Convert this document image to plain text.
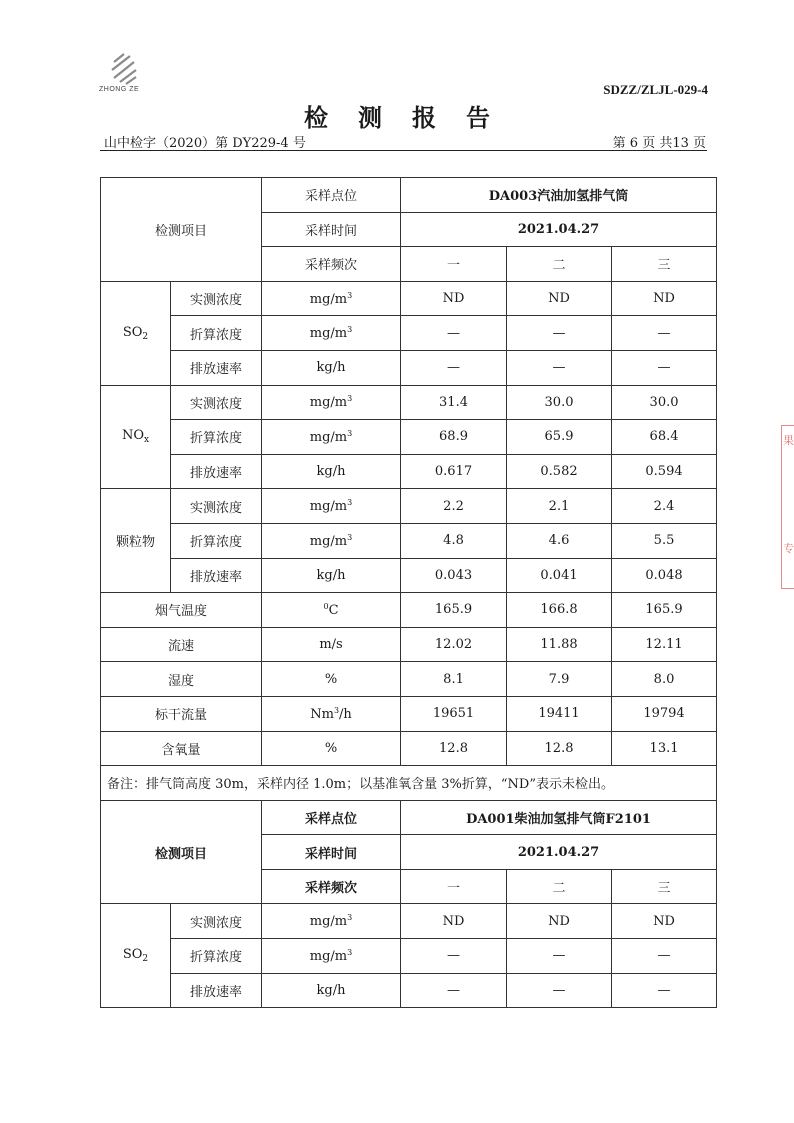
ZHONG ZE	SDZZ/ZLJL-029-4
检测报告
山中检字（2020）第 DY229-4 号	第 6 页 共13 页
检测项目		采样点位	DA003汽油加氢排气筒		
		采样时间	2021.04.27		
		采样频次	一	二	三
$SO_2$	实测浓度	$mg/m^3$	ND	ND	ND
	折算浓度	$mg/m^3$	—	—	—
	排放速率	kg/h	—	—	—
$NO_x$	实测浓度	$mg/m^3$	31.4	30.0	30.0
	折算浓度	$mg/m^3$	68.9	65.9	68.4
	排放速率	kg/h	0.617	0.582	0.594
颗粒物	实测浓度	$mg/m^3$	2.2	2.1	2.4
	折算浓度	$mg/m^3$	4.8	4.6	5.5
	排放速率	kg/h	0.043	0.041	0.048
烟气温度		$^0$C	165.9	166.8	165.9
流速		m/s	12.02	11.88	12.11
湿度		%	8.1	7.9	8.0
标干流量		Nm$^3$/h	19651	19411	19794
含氧量		%	12.8	12.8	13.1
备注：排气筒高度 30m，采样内径 1.0m；以基准氧含量 3%折算，“ND”表示未检出。					
检测项目		采样点位	DA001柴油加氢排气筒F2101		
		采样时间	2021.04.27		
		采样频次	一	二	三
$SO_2$	实测浓度	$mg/m^3$	ND	ND	ND
	折算浓度	$mg/m^3$	—	—	—
	排放速率	kg/h	—	—	—
果
专
